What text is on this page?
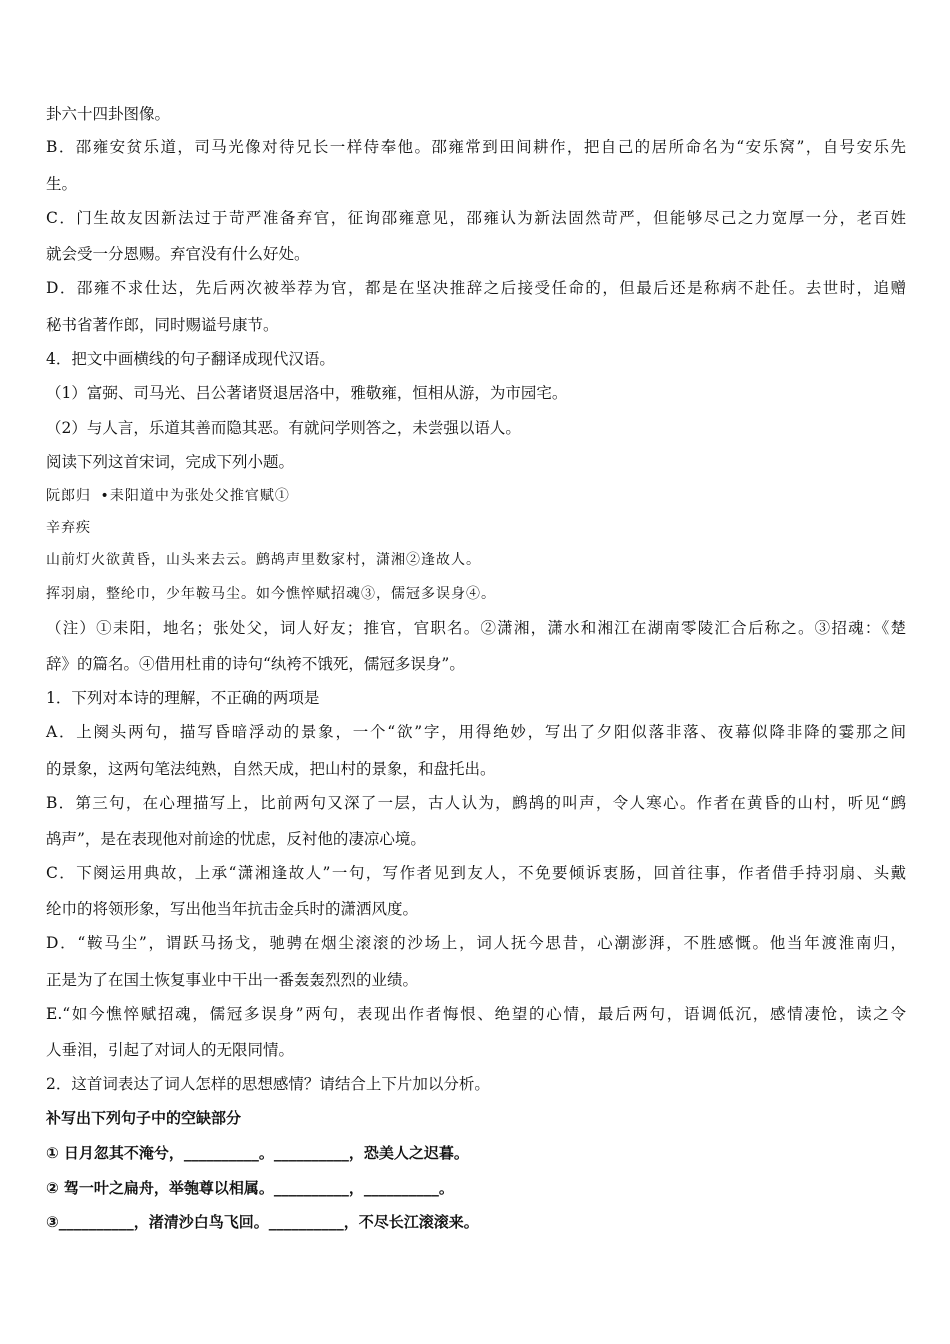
卦六十四卦图像。
B．邵雍安贫乐道，司马光像对待兄长一样侍奉他。邵雍常到田间耕作，把自己的居所命名为“安乐窝”，自号安乐先
生。
C．门生故友因新法过于苛严准备弃官，征询邵雍意见，邵雍认为新法固然苛严，但能够尽己之力宽厚一分，老百姓
就会受一分恩赐。弃官没有什么好处。
D．邵雍不求仕达，先后两次被举荐为官，都是在坚决推辞之后接受任命的，但最后还是称病不赴任。去世时，追赠
秘书省著作郎，同时赐谥号康节。
4．把文中画横线的句子翻译成现代汉语。
（1）富弼、司马光、吕公著诸贤退居洛中，雅敬雍，恒相从游，为市园宅。
（2）与人言，乐道其善而隐其恶。有就问学则答之，未尝强以语人。
阅读下列这首宋词，完成下列小题。
阮郎归 •耒阳道中为张处父推官赋①
辛弃疾
山前灯火欲黄昏，山头来去云。鹧鸪声里数家村，潇湘②逢故人。
挥羽扇，整纶巾，少年鞍马尘。如今憔悴赋招魂③，儒冠多误身④。
（注）①耒阳，地名；张处父，词人好友；推官，官职名。②潇湘，潇水和湘江在湖南零陵汇合后称之。③招魂：《楚
辞》的篇名。④借用杜甫的诗句“纨袴不饿死，儒冠多误身”。
1．下列对本诗的理解，不正确的两项是
A．上阕头两句，描写昏暗浮动的景象，一个“欲”字，用得绝妙，写出了夕阳似落非落、夜幕似降非降的霎那之间
的景象，这两句笔法纯熟，自然天成，把山村的景象，和盘托出。
B．第三句，在心理描写上，比前两句又深了一层，古人认为，鹧鸪的叫声，令人寒心。作者在黄昏的山村，听见“鹧
鸪声”，是在表现他对前途的忧虑，反衬他的凄凉心境。
C．下阕运用典故，上承“潇湘逢故人”一句，写作者见到友人，不免要倾诉衷肠，回首往事，作者借手持羽扇、头戴
纶巾的将领形象，写出他当年抗击金兵时的潇洒风度。
D．“鞍马尘”，谓跃马扬戈，驰骋在烟尘滚滚的沙场上，词人抚今思昔，心潮澎湃，不胜感慨。他当年渡淮南归，
正是为了在国土恢复事业中干出一番轰轰烈烈的业绩。
E.“如今憔悴赋招魂，儒冠多误身”两句，表现出作者悔恨、绝望的心情，最后两句，语调低沉，感情凄怆，读之令
人垂泪，引起了对词人的无限同情。
2．这首词表达了词人怎样的思想感情？请结合上下片加以分析。
补写出下列句子中的空缺部分
① 日月忽其不淹兮，__________。__________，恐美人之迟暮。
② 驾一叶之扁舟，举匏尊以相属。__________，__________。
③__________，渚清沙白鸟飞回。__________，不尽长江滚滚来。
